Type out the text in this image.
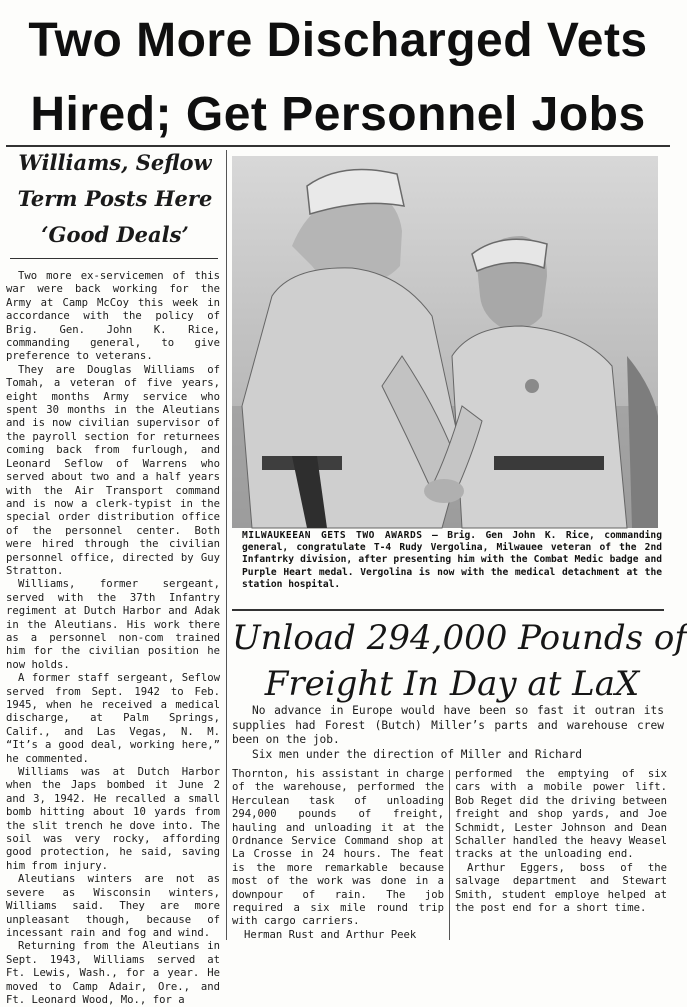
Two More Discharged Vets
Hired; Get Personnel Jobs
Williams, Seflow
Term Posts Here
‘Good Deals’

Two more ex-servicemen of this war were back working for the Army at Camp McCoy this week in accordance with the policy of Brig. Gen. John K. Rice, commanding general, to give preference to veterans.

They are Douglas Williams of Tomah, a veteran of five years, eight months Army service who spent 30 months in the Aleutians and is now civilian supervisor of the payroll section for returnees coming back from furlough, and Leonard Seflow of Warrens who served about two and a half years with the Air Transport command and is now a clerk-typist in the special order distribution office of the personnel center. Both were hired through the civilian personnel office, directed by Guy Stratton.

Williams, former sergeant, served with the 37th Infantry regiment at Dutch Harbor and Adak in the Aleutians. His work there as a personnel non-com trained him for the civilian position he now holds.

A former staff sergeant, Seflow served from Sept. 1942 to Feb. 1945, when he received a medical discharge, at Palm Springs, Calif., and Las Vegas, N. M. “It’s a good deal, working here,” he commented.

Williams was at Dutch Harbor when the Japs bombed it June 2 and 3, 1942. He recalled a small bomb hitting about 10 yards from the slit trench he dove into. The soil was very rocky, affording good protection, he said, saving him from injury.

Aleutians winters are not as severe as Wisconsin winters, Williams said. They are more unpleasant though, because of incessant rain and fog and wind.

Returning from the Aleutians in Sept. 1943, Williams served at Ft. Lewis, Wash., for a year. He moved to Camp Adair, Ore., and Ft. Leonard Wood, Mo., for a

MILWAUKEEAN GETS TWO AWARDS — Brig. Gen John K. Rice, commanding general, congratulate T-4 Rudy Vergolina, Milwauee veteran of the 2nd Infantrky division, after presenting him with the Combat Medic badge and Purple Heart medal. Vergolina is now with the medical detachment at the station hospital.
Unload 294,000 Pounds of
Freight In Day at LaX

No advance in Europe would have been so fast it outran its supplies had Forest (Butch) Miller’s parts and warehouse crew been on the job.

Six men under the direction of Miller and Richard

Thornton, his assistant in charge of the warehouse, performed the Herculean task of unloading 294,000 pounds of freight, hauling and unloading it at the Ordnance Service Command shop at La Crosse in 24 hours. The feat is the more remarkable because most of the work was done in a downpour of rain. The job required a six mile round trip with cargo carriers.

Herman Rust and Arthur Peek

performed the emptying of six cars with a mobile power lift. Bob Reget did the driving between freight and shop yards, and Joe Schmidt, Lester Johnson and Dean Schaller handled the heavy Weasel tracks at the unloading end.

Arthur Eggers, boss of the salvage department and Stewart Smith, student employe helped at the post end for a short time.
